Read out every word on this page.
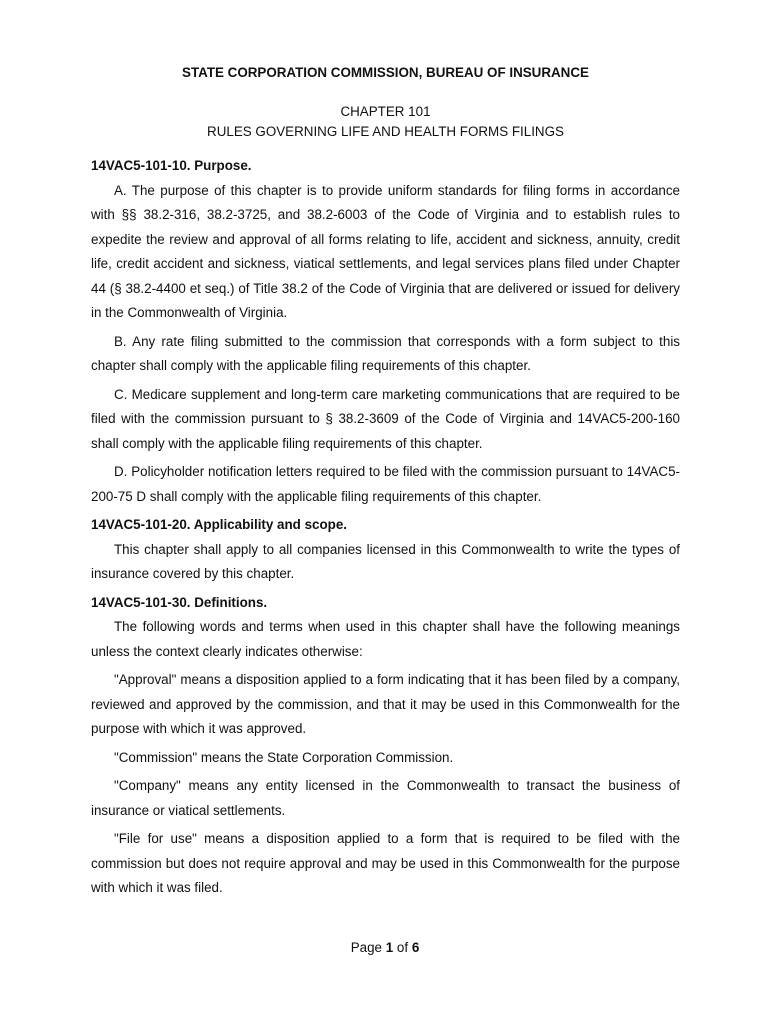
STATE CORPORATION COMMISSION, BUREAU OF INSURANCE

CHAPTER 101

RULES GOVERNING LIFE AND HEALTH FORMS FILINGS

14VAC5-101-10. Purpose.

A. The purpose of this chapter is to provide uniform standards for filing forms in accordance with §§ 38.2-316, 38.2-3725, and 38.2-6003 of the Code of Virginia and to establish rules to expedite the review and approval of all forms relating to life, accident and sickness, annuity, credit life, credit accident and sickness, viatical settlements, and legal services plans filed under Chapter 44 (§ 38.2-4400 et seq.) of Title 38.2 of the Code of Virginia that are delivered or issued for delivery in the Commonwealth of Virginia.

B. Any rate filing submitted to the commission that corresponds with a form subject to this chapter shall comply with the applicable filing requirements of this chapter.

C. Medicare supplement and long-term care marketing communications that are required to be filed with the commission pursuant to § 38.2-3609 of the Code of Virginia and 14VAC5-200-160 shall comply with the applicable filing requirements of this chapter.

D. Policyholder notification letters required to be filed with the commission pursuant to 14VAC5-200-75 D shall comply with the applicable filing requirements of this chapter.

14VAC5-101-20. Applicability and scope.

This chapter shall apply to all companies licensed in this Commonwealth to write the types of insurance covered by this chapter.

14VAC5-101-30. Definitions.

The following words and terms when used in this chapter shall have the following meanings unless the context clearly indicates otherwise:

"Approval" means a disposition applied to a form indicating that it has been filed by a company, reviewed and approved by the commission, and that it may be used in this Commonwealth for the purpose with which it was approved.

"Commission" means the State Corporation Commission.

"Company" means any entity licensed in the Commonwealth to transact the business of insurance or viatical settlements.

"File for use" means a disposition applied to a form that is required to be filed with the commission but does not require approval and may be used in this Commonwealth for the purpose with which it was filed.

Page 1 of 6
